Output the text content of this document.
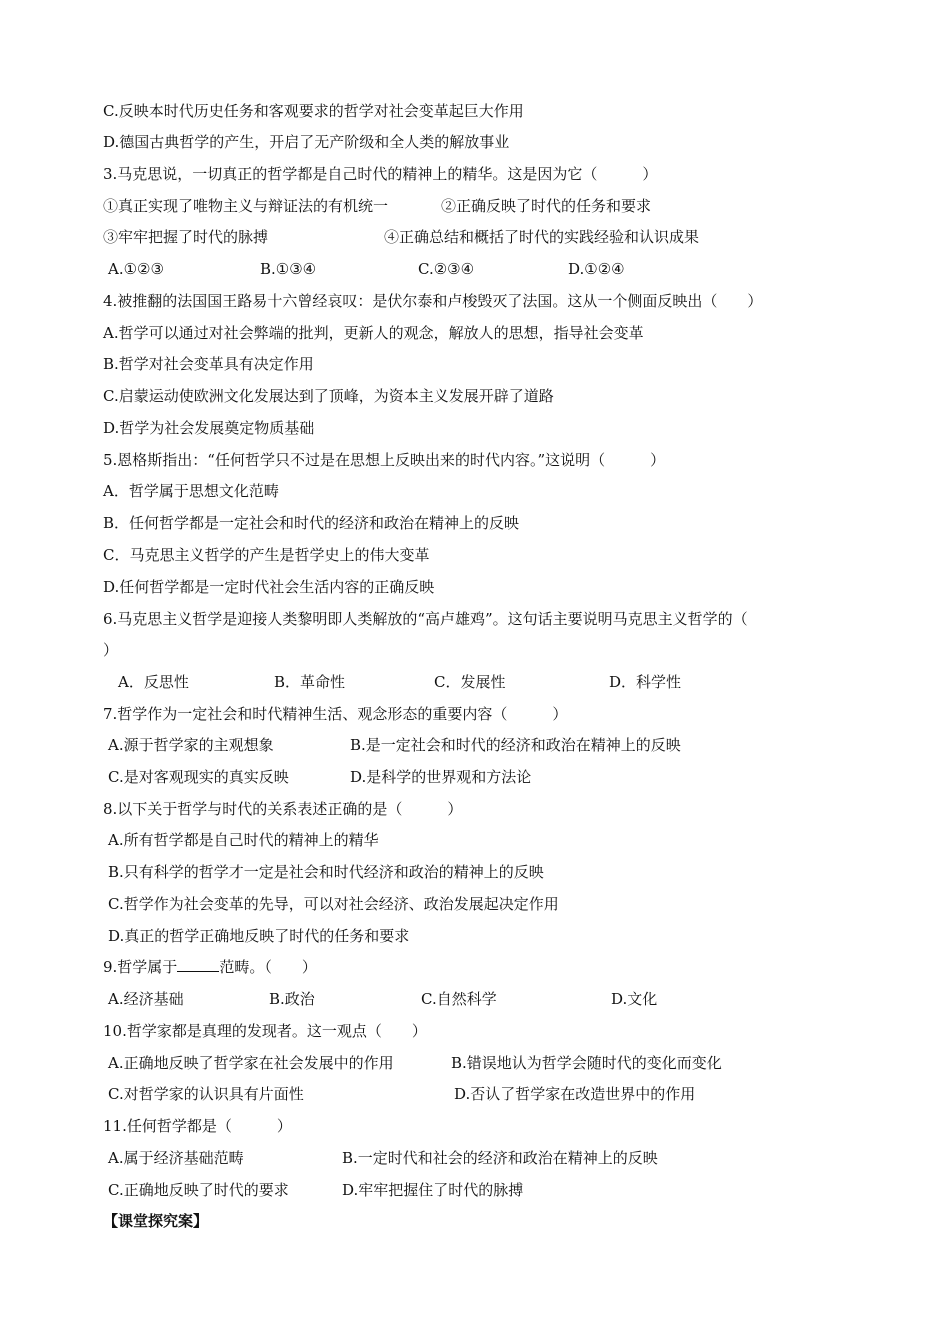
C.反映本时代历史任务和客观要求的哲学对社会变革起巨大作用
D.德国古典哲学的产生，开启了无产阶级和全人类的解放事业
3.马克思说，一切真正的哲学都是自己时代的精神上的精华。这是因为它（　　　）
①真正实现了唯物主义与辩证法的有机统一	②正确反映了时代的任务和要求
③牢牢把握了时代的脉搏	④正确总结和概括了时代的实践经验和认识成果
A.①②③	B.①③④	C.②③④	D.①②④
4.被推翻的法国国王路易十六曾经哀叹：是伏尔泰和卢梭毁灭了法国。这从一个侧面反映出（　　）
A.哲学可以通过对社会弊端的批判，更新人的观念，解放人的思想，指导社会变革
B.哲学对社会变革具有决定作用
C.启蒙运动使欧洲文化发展达到了顶峰，为资本主义发展开辟了道路
D.哲学为社会发展奠定物质基础
5.恩格斯指出：“任何哲学只不过是在思想上反映出来的时代内容。”这说明（　　　）
A．哲学属于思想文化范畴
B．任何哲学都是一定社会和时代的经济和政治在精神上的反映
C．马克思主义哲学的产生是哲学史上的伟大变革
D.任何哲学都是一定时代社会生活内容的正确反映
6.马克思主义哲学是迎接人类黎明即人类解放的“高卢雄鸡”。这句话主要说明马克思主义哲学的（
）
A．反思性	B．革命性	C．发展性	D．科学性
7.哲学作为一定社会和时代精神生活、观念形态的重要内容（　　　）
A.源于哲学家的主观想象	B.是一定社会和时代的经济和政治在精神上的反映
C.是对客观现实的真实反映	D.是科学的世界观和方法论
8.以下关于哲学与时代的关系表述正确的是（　　　）
A.所有哲学都是自己时代的精神上的精华
B.只有科学的哲学才一定是社会和时代经济和政治的精神上的反映
C.哲学作为社会变革的先导，可以对社会经济、政治发展起决定作用
D.真正的哲学正确地反映了时代的任务和要求
9.哲学属于	范畴。（　　）
A.经济基础	B.政治	C.自然科学	D.文化
10.哲学家都是真理的发现者。这一观点（　　）
A.正确地反映了哲学家在社会发展中的作用	B.错误地认为哲学会随时代的变化而变化
C.对哲学家的认识具有片面性	D.否认了哲学家在改造世界中的作用
11.任何哲学都是（　　　）
A.属于经济基础范畴	B.一定时代和社会的经济和政治在精神上的反映
C.正确地反映了时代的要求	D.牢牢把握住了时代的脉搏
【课堂探究案】
